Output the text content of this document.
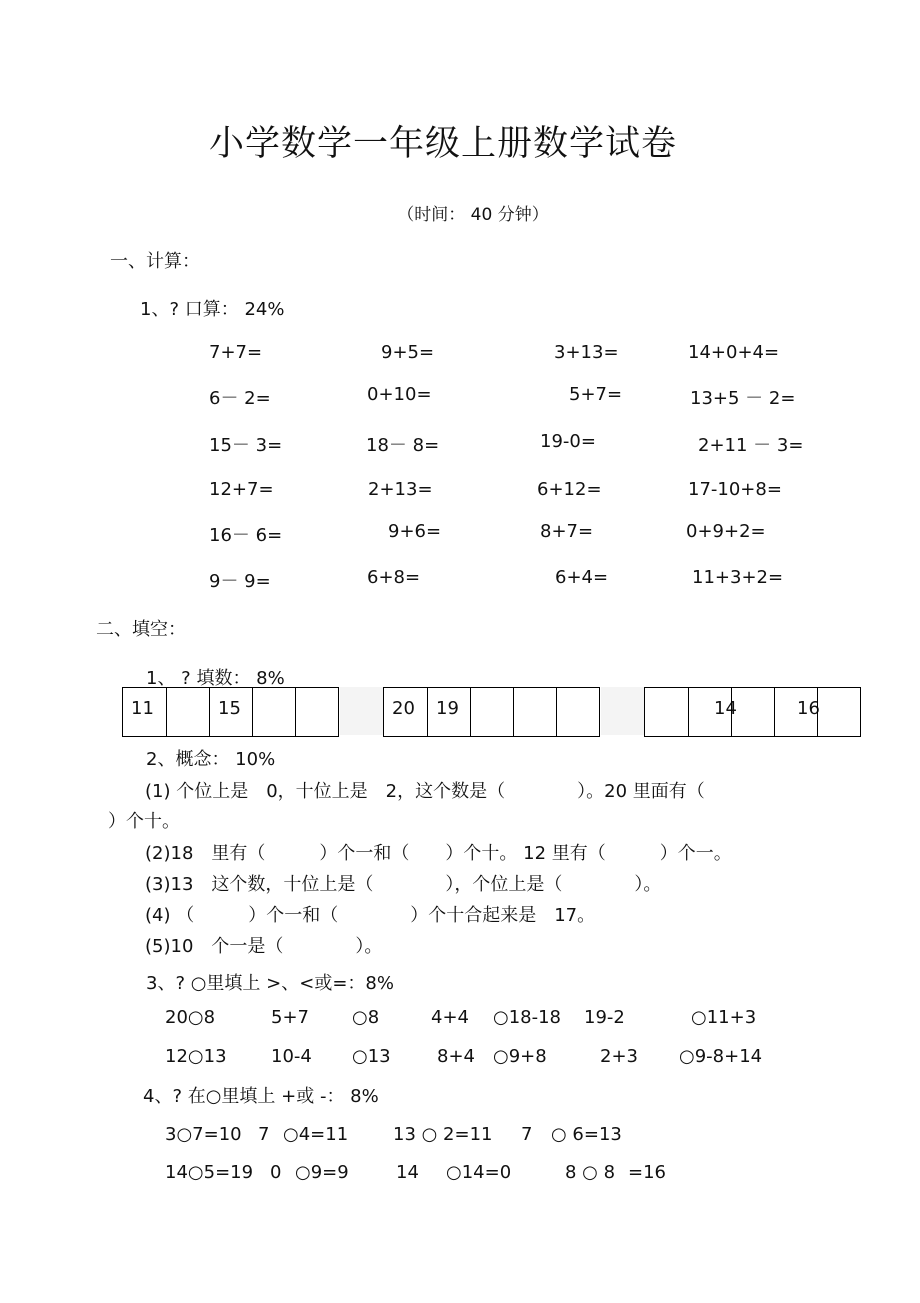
小学数学一年级上册数学试卷
（时间： 40 分钟）
一、计算：
1、? 口算： 24%
7+7=	9+5=	3+13=	14+0+4=
6－ 2=	0+10=	5+7=	13+5 － 2=
15－ 3=	18－ 8=	19-0=	2+11 － 3=
12+7=	2+13=	6+12=	17-10+8=
16－ 6=	9+6=	8+7=	0+9+2=
9－ 9=	6+8=	6+4=	11+3+2=
二、填空：
1、 ? 填数： 8%
11	15	20 19	14	16
2、概念： 10%
(1) 个位上是　0，十位上是　2，这个数是（　　　　）。20 里面有（
）个十。
(2)18　里有（　　　）个一和（　　）个十。 12 里有（　　　）个一。
(3)13　这个数，十位上是（　　　　），个位上是（　　　　）。
(4) （　　　）个一和（　　　　）个十合起来是　17。
(5)10　个一是（　　　　）。
3、? ○里填上 >、<或=：8%
20○8	5+7 ○8	4+4 ○18-18 19-2	○11+3
12○13 10-4 ○13	8+4 ○9+8	2+3 ○9-8+14
4、? 在○里填上 +或 -： 8%
3○7=10 7 ○4=11 13 ○ 2=11 7 ○ 6=13
14○5=19 0 ○9=9	14 ○14=0	8 ○ 8 =16
